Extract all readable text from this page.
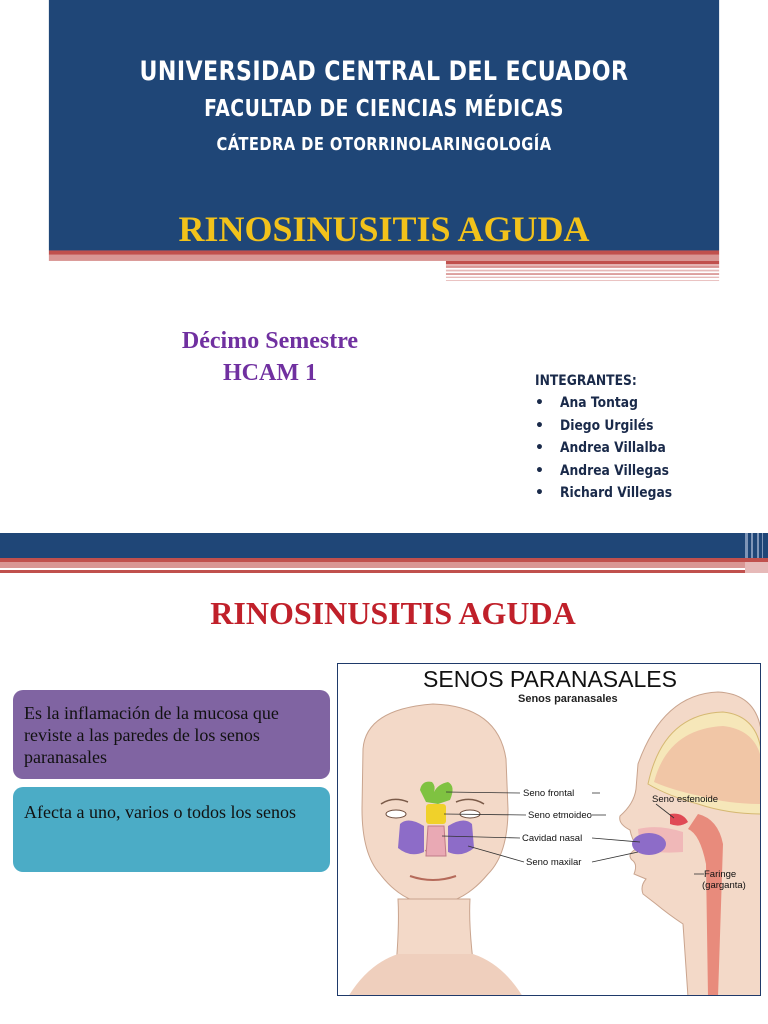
UNIVERSIDAD CENTRAL DEL ECUADOR
FACULTAD DE CIENCIAS MÉDICAS
CÁTEDRA DE OTORRINOLARINGOLOGÍA
RINOSINUSITIS AGUDA
Décimo Semestre
HCAM 1	INTEGRANTES:
• Ana Tontag
• Diego Urgilés
• Andrea Villalba
• Andrea Villegas
• Richard Villegas
RINOSINUSITIS AGUDA
Es la inflamación de la mucosa que reviste a las paredes de los senos paranasales
Afecta a uno, varios o todos los senos
Seno frontal
Seno etmoideo
Cavidad nasal
Seno maxilar
Seno esfenoide
Faringe
(garganta)
SENOS PARANASALES
Senos paranasales
